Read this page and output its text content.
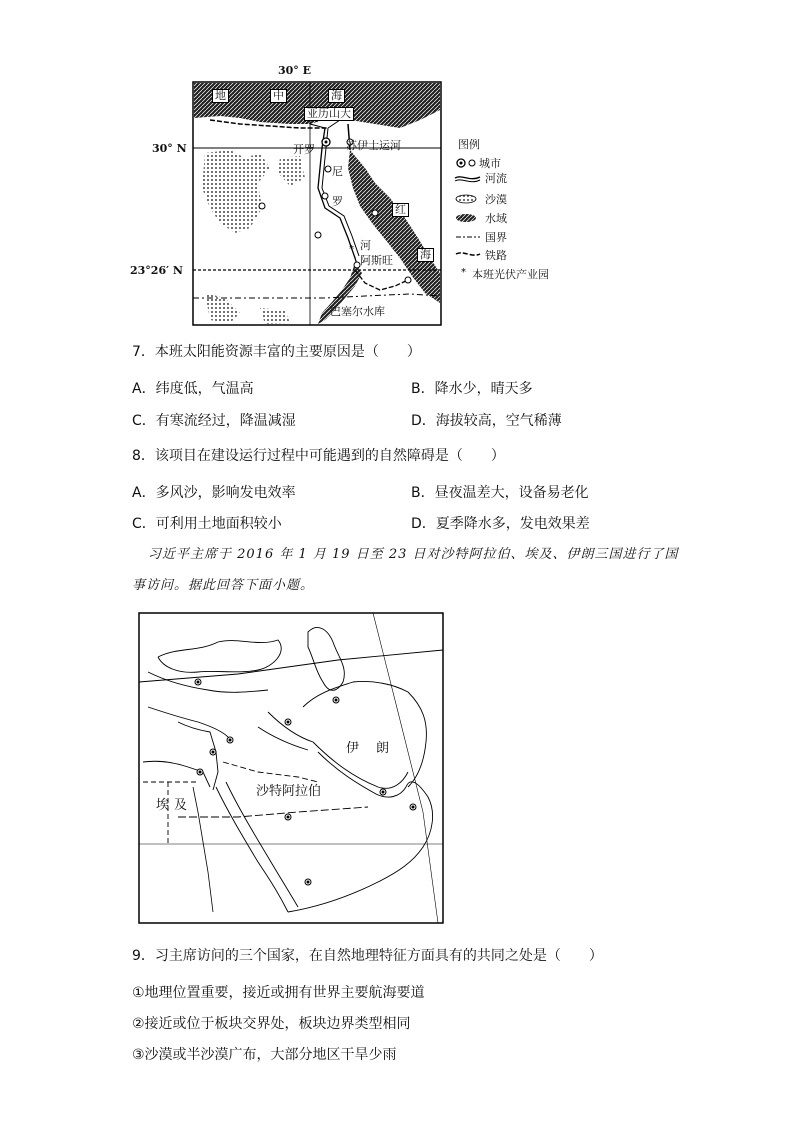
*
*
30° E
30° N
23°26′ N
地	中	海
亚历山大
开罗	苏伊士运河
尼
罗
河
红
海
阿斯旺
巴塞尔水库
图例
城市
河流
沙漠
水域
国界
铁路
本班光伏产业园
7．本班太阳能资源丰富的主要原因是（　　）
A．纬度低，气温高	B．降水少，晴天多
C．有寒流经过，降温减湿	D．海拔较高，空气稀薄
8．该项目在建设运行过程中可能遇到的自然障碍是（　　）
A．多风沙，影响发电效率	B．昼夜温差大，设备易老化
C．可利用土地面积较小	D．夏季降水多，发电效果差
习近平主席于 2016 年 1 月 19 日至 23 日对沙特阿拉伯、埃及、伊朗三国进行了国
事访问。据此回答下面小题。
伊 朗
沙特阿拉伯
埃 及
9．习主席访问的三个国家，在自然地理特征方面具有的共同之处是（　　）
①地理位置重要，接近或拥有世界主要航海要道
②接近或位于板块交界处，板块边界类型相同
③沙漠或半沙漠广布，大部分地区干旱少雨
